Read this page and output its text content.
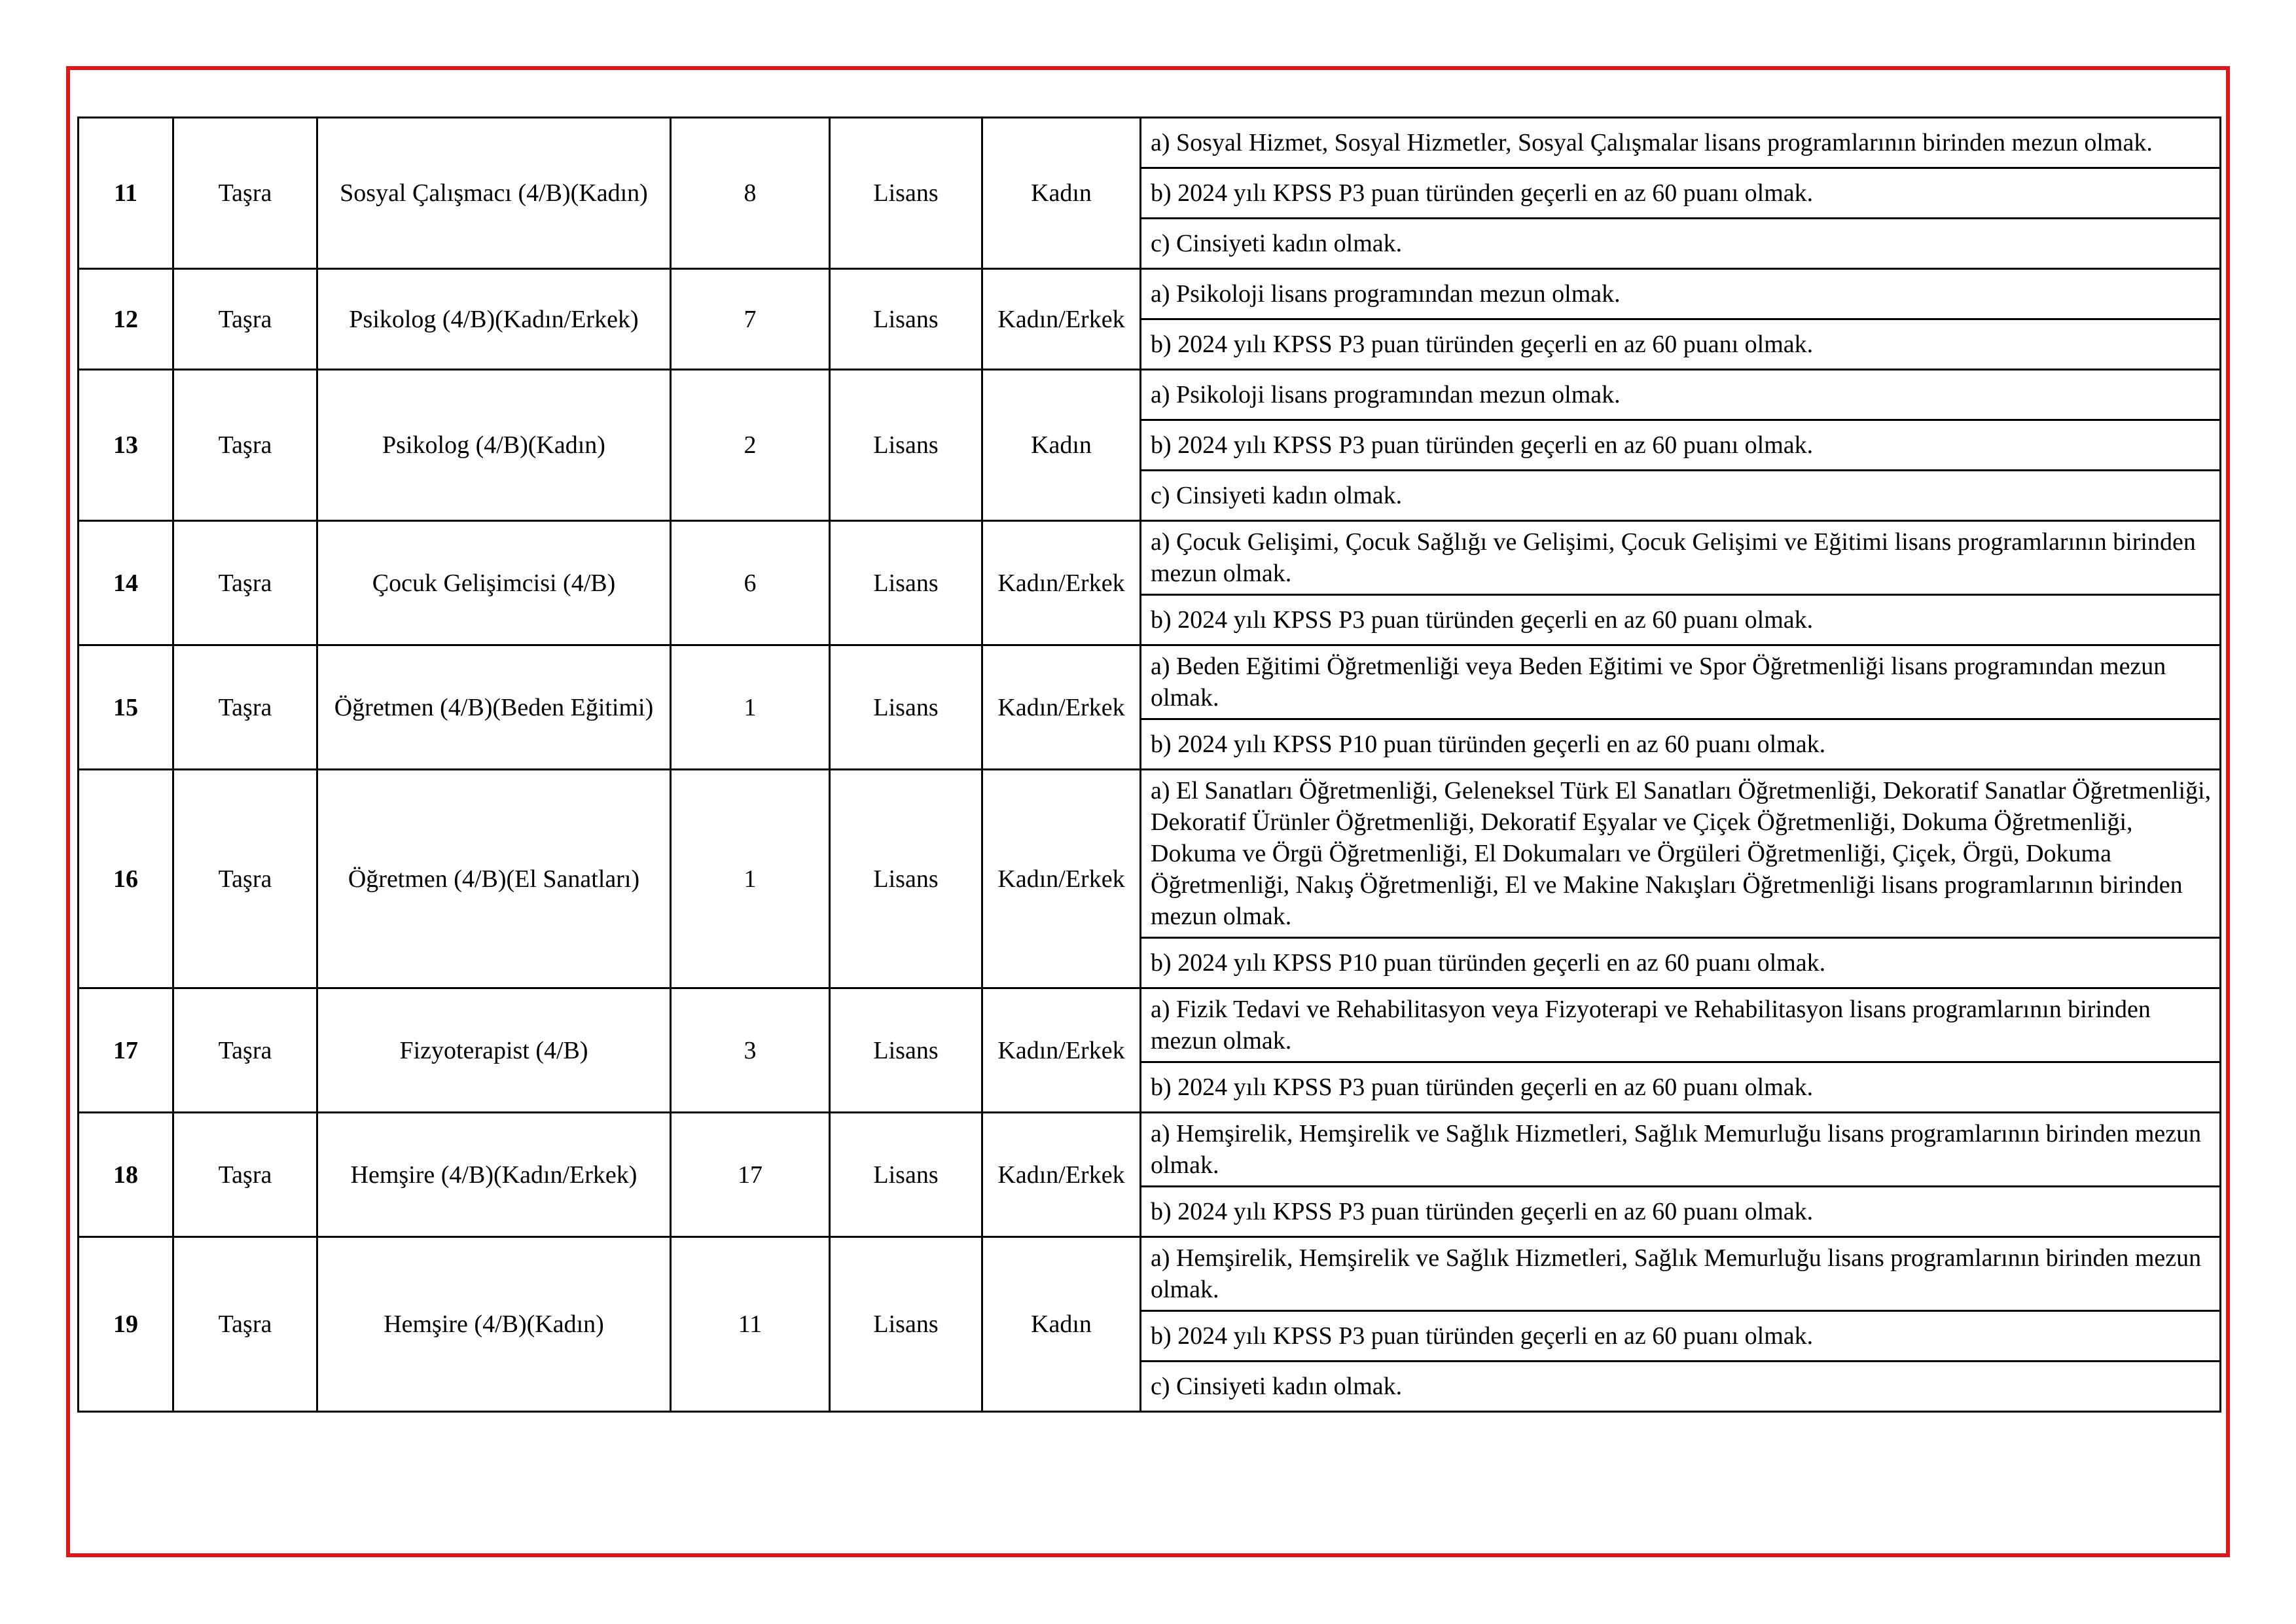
11	Taşra	Sosyal Çalışmacı (4/B)(Kadın)	8	Lisans	Kadın	a) Sosyal Hizmet, Sosyal Hizmetler, Sosyal Çalışmalar lisans programlarının birinden mezun olmak.
						b) 2024 yılı KPSS P3 puan türünden geçerli en az 60 puanı olmak.
						c) Cinsiyeti kadın olmak.
12	Taşra	Psikolog (4/B)(Kadın/Erkek)	7	Lisans	Kadın/Erkek	a) Psikoloji lisans programından mezun olmak.
						b) 2024 yılı KPSS P3 puan türünden geçerli en az 60 puanı olmak.
13	Taşra	Psikolog (4/B)(Kadın)	2	Lisans	Kadın	a) Psikoloji lisans programından mezun olmak.
						b) 2024 yılı KPSS P3 puan türünden geçerli en az 60 puanı olmak.
						c) Cinsiyeti kadın olmak.
14	Taşra	Çocuk Gelişimcisi (4/B)	6	Lisans	Kadın/Erkek	a) Çocuk Gelişimi, Çocuk Sağlığı ve Gelişimi, Çocuk Gelişimi ve Eğitimi lisans programlarının birinden mezun olmak.
						b) 2024 yılı KPSS P3 puan türünden geçerli en az 60 puanı olmak.
15	Taşra	Öğretmen (4/B)(Beden Eğitimi)	1	Lisans	Kadın/Erkek	a) Beden Eğitimi Öğretmenliği veya Beden Eğitimi ve Spor Öğretmenliği lisans programından mezun olmak.
						b) 2024 yılı KPSS P10 puan türünden geçerli en az 60 puanı olmak.
16	Taşra	Öğretmen (4/B)(El Sanatları)	1	Lisans	Kadın/Erkek	a) El Sanatları Öğretmenliği, Geleneksel Türk El Sanatları Öğretmenliği, Dekoratif Sanatlar Öğretmenliği, Dekoratif Ürünler Öğretmenliği, Dekoratif Eşyalar ve Çiçek Öğretmenliği, Dokuma Öğretmenliği, Dokuma ve Örgü Öğretmenliği, El Dokumaları ve Örgüleri Öğretmenliği, Çiçek, Örgü, Dokuma Öğretmenliği, Nakış Öğretmenliği, El ve Makine Nakışları Öğretmenliği lisans programlarının birinden mezun olmak.
						b) 2024 yılı KPSS P10 puan türünden geçerli en az 60 puanı olmak.
17	Taşra	Fizyoterapist (4/B)	3	Lisans	Kadın/Erkek	a) Fizik Tedavi ve Rehabilitasyon veya Fizyoterapi ve Rehabilitasyon lisans programlarının birinden mezun olmak.
						b) 2024 yılı KPSS P3 puan türünden geçerli en az 60 puanı olmak.
18	Taşra	Hemşire (4/B)(Kadın/Erkek)	17	Lisans	Kadın/Erkek	a) Hemşirelik, Hemşirelik ve Sağlık Hizmetleri, Sağlık Memurluğu lisans programlarının birinden mezun olmak.
						b) 2024 yılı KPSS P3 puan türünden geçerli en az 60 puanı olmak.
19	Taşra	Hemşire (4/B)(Kadın)	11	Lisans	Kadın	a) Hemşirelik, Hemşirelik ve Sağlık Hizmetleri, Sağlık Memurluğu lisans programlarının birinden mezun olmak.
						b) 2024 yılı KPSS P3 puan türünden geçerli en az 60 puanı olmak.
						c) Cinsiyeti kadın olmak.
